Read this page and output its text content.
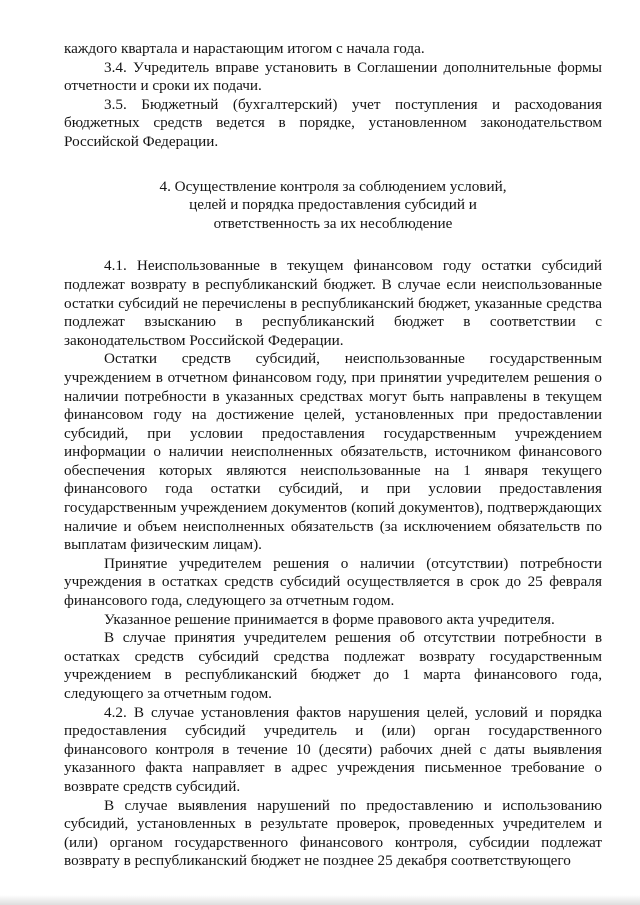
каждого квартала и нарастающим итогом с начала года.

3.4. Учредитель вправе установить в Соглашении дополнительные формы отчетности и сроки их подачи.

3.5. Бюджетный (бухгалтерский) учет поступления и расходования бюджетных средств ведется в порядке, установленном законодательством Российской Федерации.

4. Осуществление контроля за соблюдением условий,
целей и порядка предоставления субсидий и
ответственность за их несоблюдение

4.1. Неиспользованные в текущем финансовом году остатки субсидий подлежат возврату в республиканский бюджет. В случае если неиспользованные остатки субсидий не перечислены в республиканский бюджет, указанные средства подлежат взысканию в республиканский бюджет в соответствии с законодательством Российской Федерации.

Остатки средств субсидий, неиспользованные государственным учреждением в отчетном финансовом году, при принятии учредителем решения о наличии потребности в указанных средствах могут быть направлены в текущем финансовом году на достижение целей, установленных при предоставлении субсидий, при условии предоставления государственным учреждением информации о наличии неисполненных обязательств, источником финансового обеспечения которых являются неиспользованные на 1 января текущего финансового года остатки субсидий, и при условии предоставления государственным учреждением документов (копий документов), подтверждающих наличие и объем неисполненных обязательств (за исключением обязательств по выплатам физическим лицам).

Принятие учредителем решения о наличии (отсутствии) потребности учреждения в остатках средств субсидий осуществляется в срок до 25 февраля финансового года, следующего за отчетным годом.

Указанное решение принимается в форме правового акта учредителя.

В случае принятия учредителем решения об отсутствии потребности в остатках средств субсидий средства подлежат возврату государственным учреждением в республиканский бюджет до 1 марта финансового года, следующего за отчетным годом.

4.2. В случае установления фактов нарушения целей, условий и порядка предоставления субсидий учредитель и (или) орган государственного финансового контроля в течение 10 (десяти) рабочих дней с даты выявления указанного факта направляет в адрес учреждения письменное требование о возврате средств субсидий.

В случае выявления нарушений по предоставлению и использованию субсидий, установленных в результате проверок, проведенных учредителем и (или) органом государственного финансового контроля, субсидии подлежат возврату в республиканский бюджет не позднее 25 декабря соответствующего
